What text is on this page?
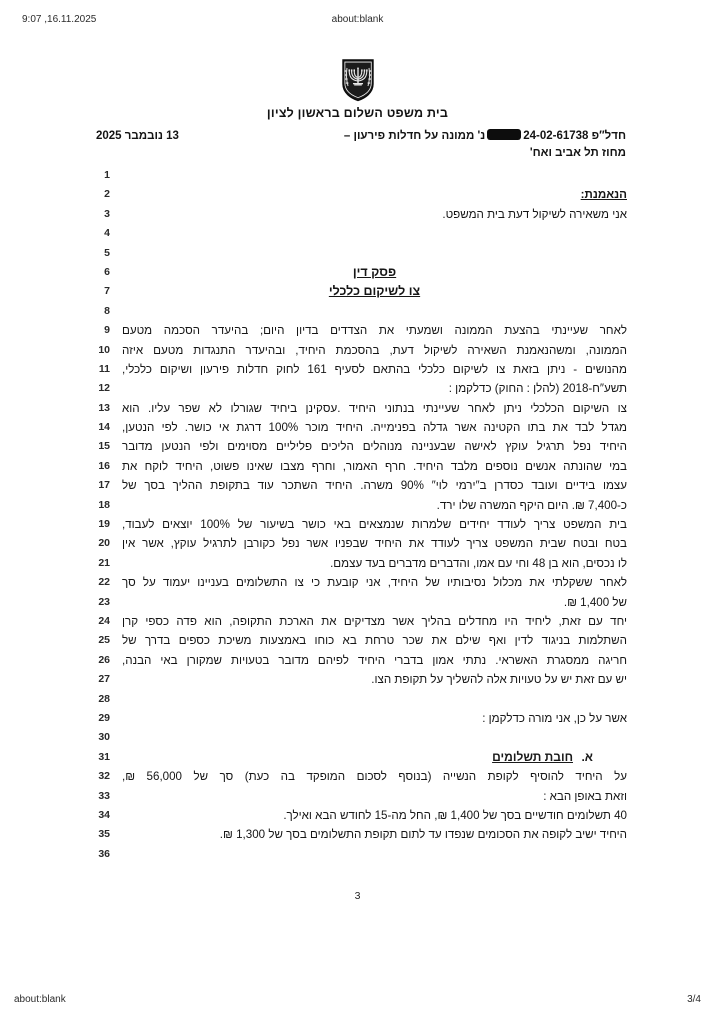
9:07 ,16.11.2025	about:blank
בית משפט השלום בראשון לציון
13 נובמבר 2025	חדל″פ 24-02-61738נ' ממונה על חדלות פירעון –
מחוז תל אביב ואח'
1
2	הנאמנת:
3	אני משאירה לשיקול דעת בית המשפט.
4
5
6	פסק דין
7	צו לשיקום כלכלי
8
9 לאחר שעיינתי בהצעת הממונה ושמעתי את הצדדים בדיון היום; בהיעדר הסכמה מטעם
10 הממונה, ומשהנאמנת השאירה לשיקול דעת, בהסכמת היחיד, ובהיעדר התנגדות מטעם איזה
11 מהנושים - ניתן בזאת צו לשיקום כלכלי בהתאם לסעיף 161 לחוק חדלות פירעון ושיקום כלכלי,
12	תשע″ח-2018 (להלן : החוק) כדלקמן :
13 צו השיקום הכלכלי ניתן לאחר שעיינתי בנתוני היחיד .עסקינן ביחיד שגורלו לא שפר עליו. הוא
14 מגדל לבד את בתו הקטינה אשר גדלה בפנימייה. היחיד מוכר 100% דרגת אי כושר. לפי הנטען,
15 היחיד נפל תרגיל עוקץ לאישה שבעניינה מנוהלים הליכים פליליים מסוימים ולפי הנטען מדובר
16 במי שהונתה אנשים נוספים מלבד היחיד. חרף האמור, וחרף מצבו שאינו פשוט, היחיד לוקח את
17 עצמו בידיים ועובד כסדרן ב″ירמי לוי″ 90% משרה. היחיד השתכר עוד בתקופת ההליך בסך של
18	כ-7,400 ₪. היום היקף המשרה שלו ירד.
19 בית המשפט צריך לעודד יחידים שלמרות שנמצאים באי כושר בשיעור של 100% יוצאים לעבוד,
20 בטח ובטח שבית המשפט צריך לעודד את היחיד שבפניו אשר נפל כקורבן לתרגיל עוקץ, אשר אין
21	לו נכסים, הוא בן 48 וחי עם אמו, והדברים מדברים בעד עצמם.
22 לאחר ששקלתי את מכלול נסיבותיו של היחיד, אני קובעת כי צו התשלומים בעניינו יעמוד על סך
23	של 1,400 ₪.
24 יחד עם זאת, ליחיד היו מחדלים בהליך אשר מצדיקים את הארכת התקופה, הוא פדה כספי קרן
25 השתלמות בניגוד לדין ואף שילם את שכר טרחת בא כוחו באמצעות משיכת כספים בדרך של
26 חריגה ממסגרת האשראי. נתתי אמון בדברי היחיד לפיהם מדובר בטעויות שמקורן באי הבנה,
27	יש עם זאת יש על טעויות אלה להשליך על תקופת הצו.
28
29	אשר על כן, אני מורה כדלקמן :
30
31	א.חובת תשלומים
32 על היחיד להוסיף לקופת הנשייה (בנוסף לסכום המופקד בה כעת) סך של 56,000 ₪,
33	וזאת באופן הבא :
34	40 תשלומים חודשיים בסך של 1,400 ₪, החל מה-15 לחודש הבא ואילך.
35	היחיד ישיב לקופה את הסכומים שנפדו עד לתום תקופת התשלומים בסך של 1,300 ₪.
36
3
about:blank	3/4
